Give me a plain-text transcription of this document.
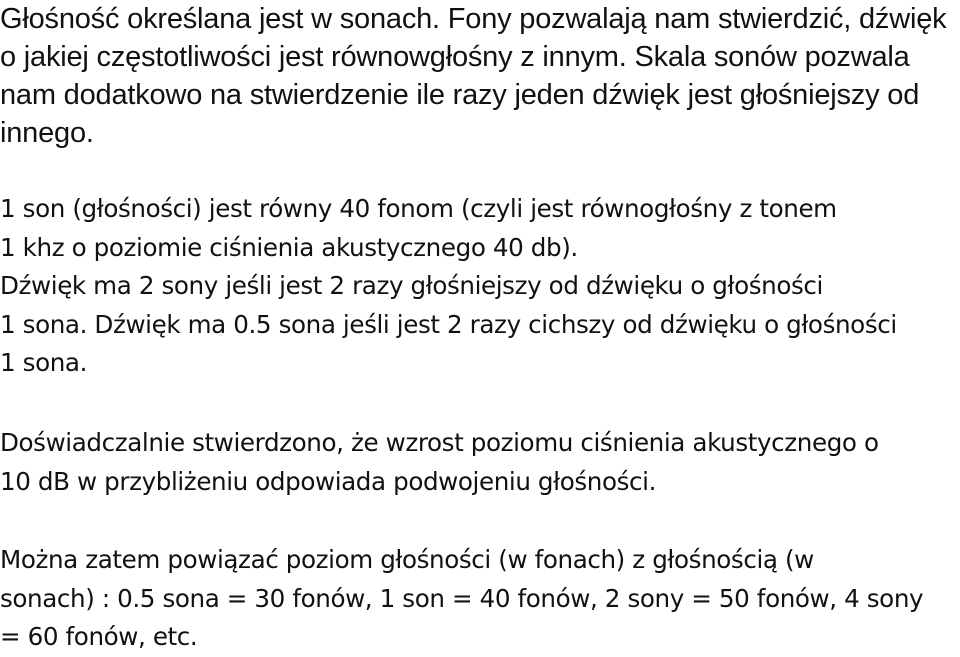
Głośność określana jest w sonach. Fony pozwalają nam stwierdzić, dźwięk
o jakiej częstotliwości jest równowgłośny z innym. Skala sonów pozwala
nam dodatkowo na stwierdzenie ile razy jeden dźwięk jest głośniejszy od
innego.
1 son (głośności) jest równy 40 fonom (czyli jest równogłośny z tonem
1 khz o poziomie ciśnienia akustycznego 40 db).
Dźwięk ma 2 sony jeśli jest 2 razy głośniejszy od dźwięku o głośności
1 sona. Dźwięk ma 0.5 sona jeśli jest 2 razy cichszy od dźwięku o głośności
1 sona.
Doświadczalnie stwierdzono, że wzrost poziomu ciśnienia akustycznego o
10 dB w przybliżeniu odpowiada podwojeniu głośności.
Można zatem powiązać poziom głośności (w fonach) z głośnością (w
sonach) : 0.5 sona = 30 fonów, 1 son = 40 fonów, 2 sony = 50 fonów, 4 sony
= 60 fonów, etc.
